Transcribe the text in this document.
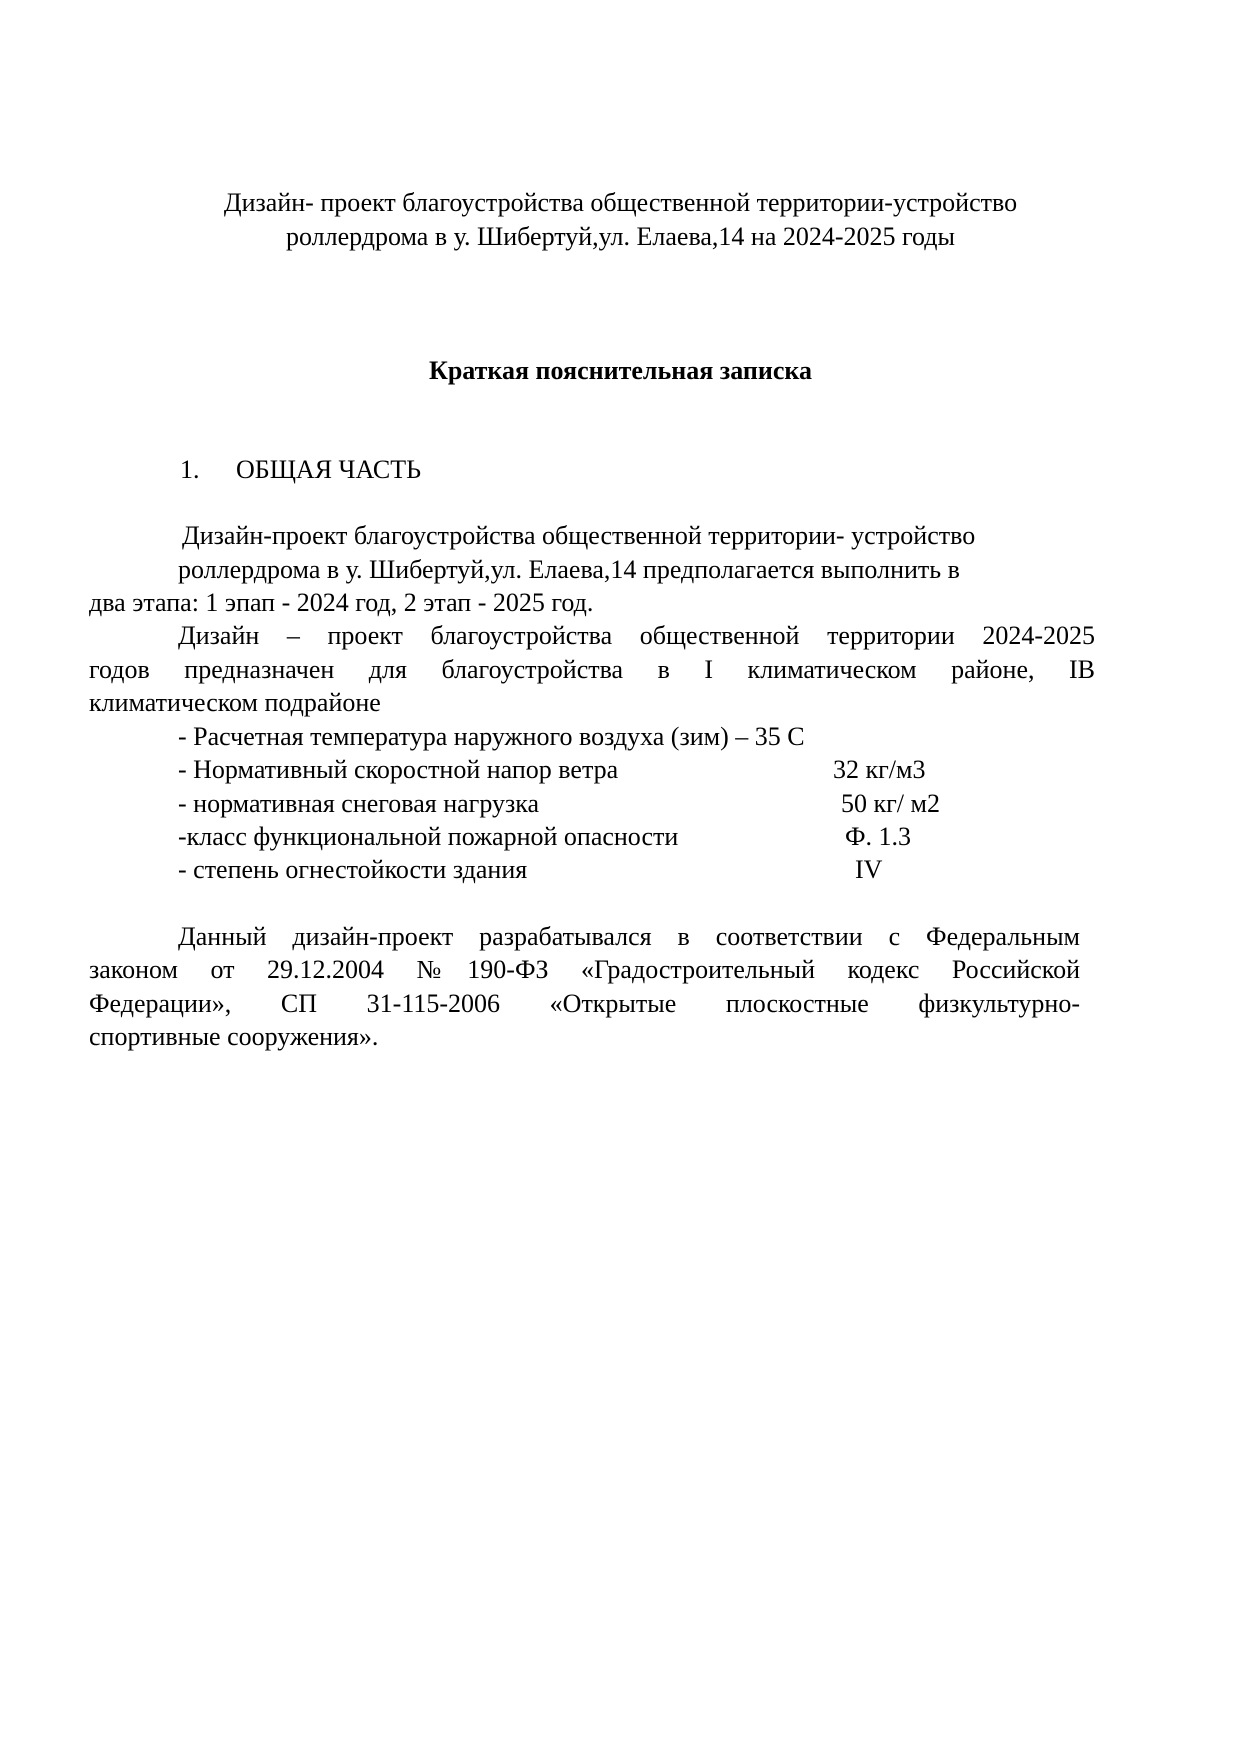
Дизайн- проект благоустройства общественной территории-устройство
роллердрома в у. Шибертуй,ул. Елаева,14 на 2024-2025 годы
Краткая пояснительная записка
1. ОБЩАЯ ЧАСТЬ
Дизайн-проект благоустройства общественной территории- устройство
роллердрома в у. Шибертуй,ул. Елаева,14 предполагается выполнить в
два этапа: 1 эпап - 2024 год, 2 этап - 2025 год.
Дизайн – проект благоустройства общественной территории 2024-2025
годов предназначен для благоустройства в I климатическом районе, IB
климатическом подрайоне
- Расчетная температура наружного воздуха (зим) – 35 С
- Нормативный скоростной напор ветра	32 кг/м3
- нормативная снеговая нагрузка	50 кг/ м2
-класс функциональной пожарной опасности	Ф. 1.3
- степень огнестойкости здания	IV
Данный дизайн-проект разрабатывался в соответствии с Федеральным
законом от 29.12.2004 №190-ФЗ «Градостроительный кодекс Российской
Федерации», СП 31-115-2006 «Открытые плоскостные физкультурно-
спортивные сооружения».
